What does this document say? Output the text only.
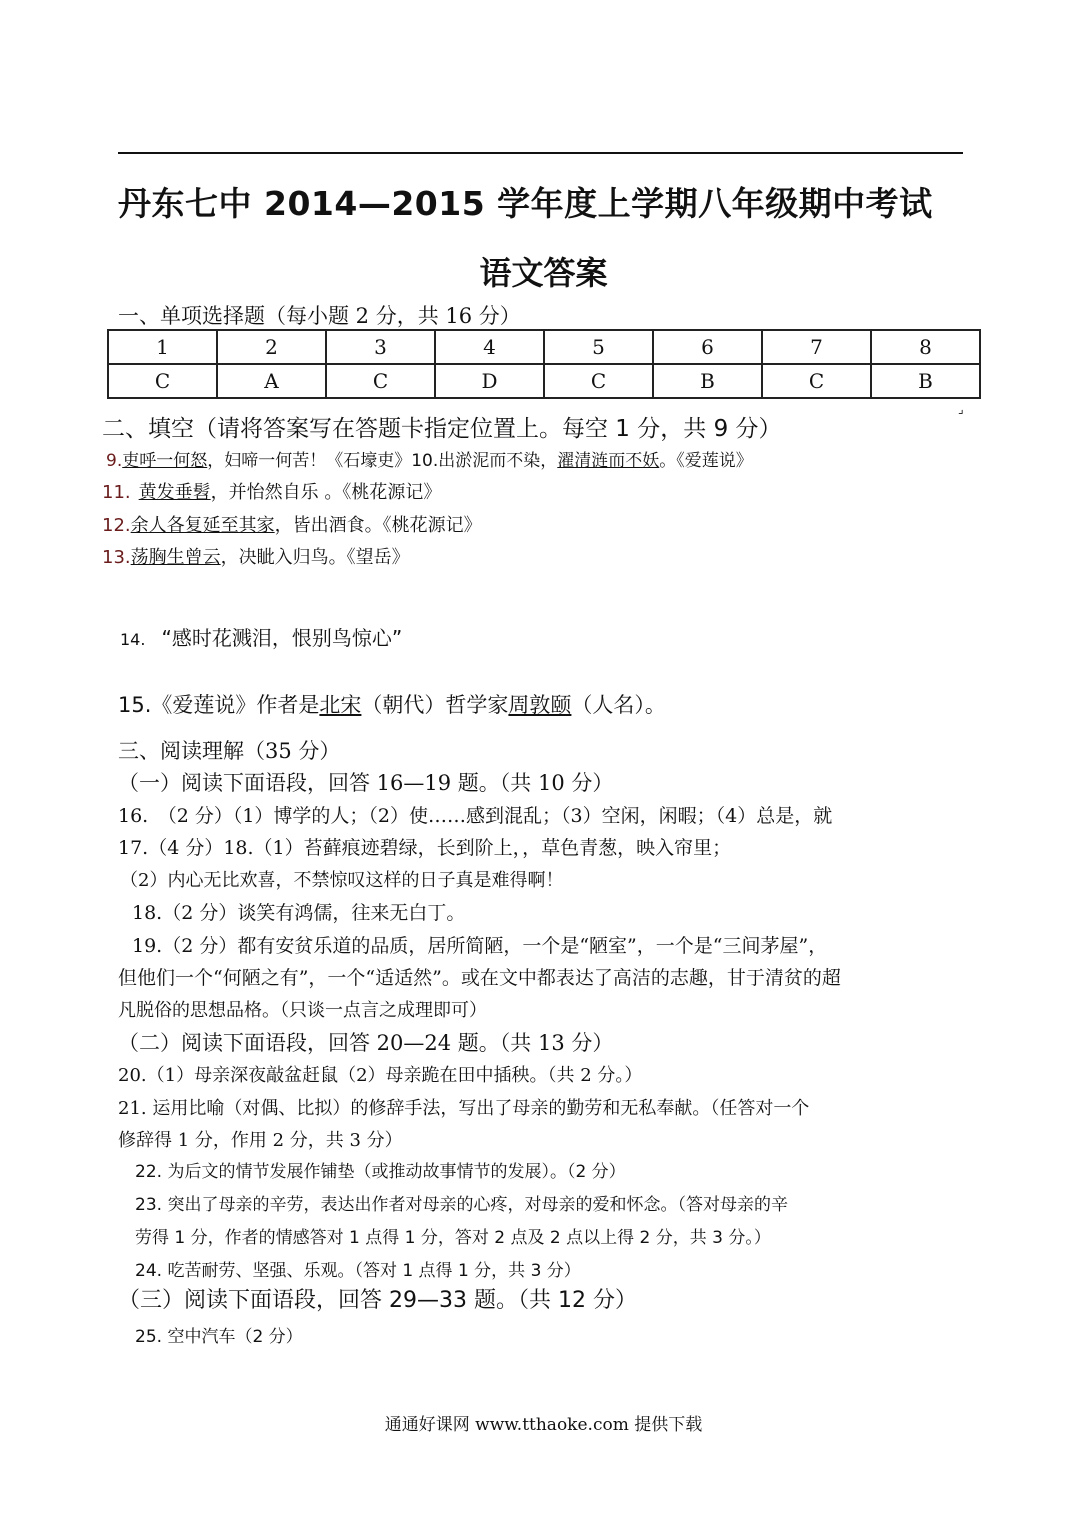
丹东七中 2014—2015 学年度上学期八年级期中考试
语文答案
一、单项选择题（每小题 2 分，共 16 分）
1	2	3	4	5	6	7	8
C	A	C	D	C	B	C	B
二、填空（请将答案写在答题卡指定位置上。每空 1 分，共 9 分）
⌟
9.吏呼一何怒，妇啼一何苦！《石壕吏》10.出淤泥而不染，濯清涟而不妖。《爱莲说》
11. 黄发垂髫，并怡然自乐 。《桃花源记》
12.余人各复延至其家，皆出酒食。《桃花源记》
13.荡胸生曾云，决眦入归鸟。《望岳》
14. “感时花溅泪，恨别鸟惊心”
15.《爱莲说》作者是北宋（朝代）哲学家周敦颐（人名）。
三、阅读理解（35 分）
（一）阅读下面语段，回答 16—19 题。（共 10 分）
16.　（2 分）（1）博学的人；（2）使……感到混乱；（3）空闲，闲暇；（4）总是，就
17.（4 分）18.（1）苔藓痕迹碧绿，长到阶上，，草色青葱，映入帘里；
（2）内心无比欢喜，不禁惊叹这样的日子真是难得啊！
18.（2 分）谈笑有鸿儒，往来无白丁。
19.（2 分）都有安贫乐道的品质，居所简陋，一个是“陋室”，一个是“三间茅屋”，
但他们一个“何陋之有”，一个“适适然”。或在文中都表达了高洁的志趣，甘于清贫的超
凡脱俗的思想品格。（只谈一点言之成理即可）
（二）阅读下面语段，回答 20—24 题。（共 13 分）
20.（1）母亲深夜敲盆赶鼠（2）母亲跪在田中插秧。（共 2 分。）
21. 运用比喻（对偶、比拟）的修辞手法，写出了母亲的勤劳和无私奉献。（任答对一个
修辞得 1 分，作用 2 分，共 3 分）
22. 为后文的情节发展作铺垫（或推动故事情节的发展）。（2 分）
23. 突出了母亲的辛劳，表达出作者对母亲的心疼，对母亲的爱和怀念。（答对母亲的辛
劳得 1 分，作者的情感答对 1 点得 1 分，答对 2 点及 2 点以上得 2 分，共 3 分。）
24. 吃苦耐劳、坚强、乐观。（答对 1 点得 1 分，共 3 分）
（三）阅读下面语段，回答 29—33 题。（共 12 分）
25. 空中汽车（2 分）
通通好课网 www.tthaoke.com 提供下载
